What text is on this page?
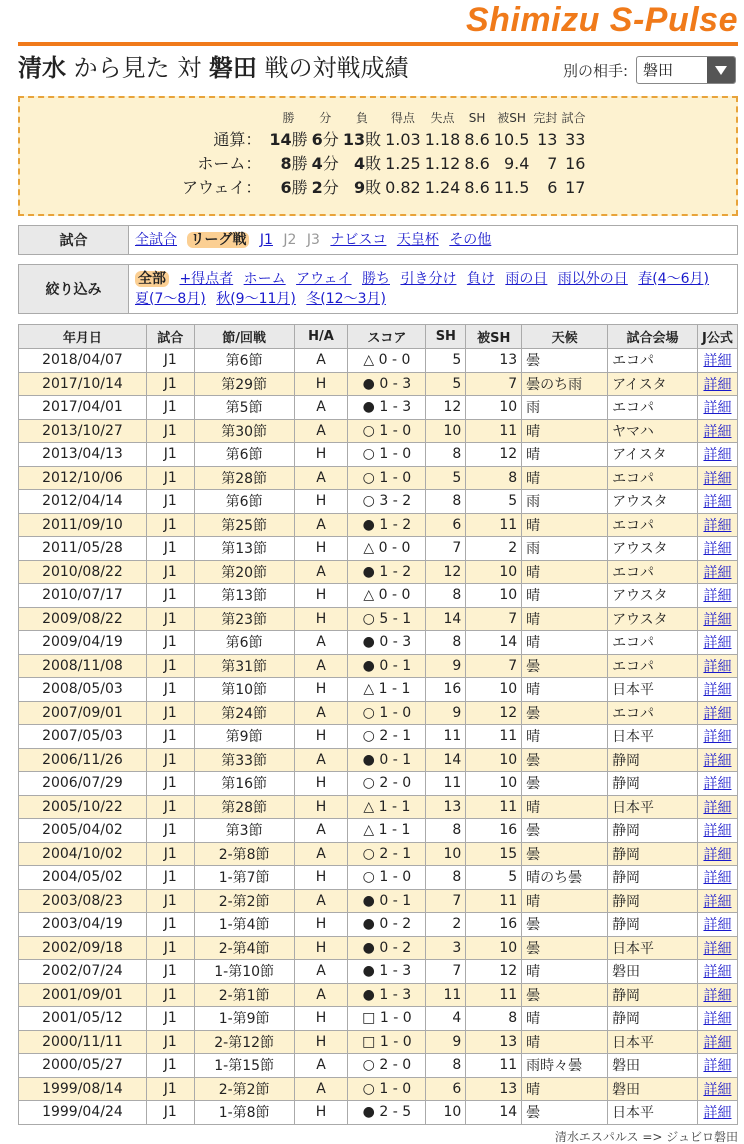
Shimizu S-Pulse
清水 から見た 対 磐田 戦の対戦成績	別の相手: 磐田
	勝	分	負	得点	失点	SH	被SH	完封	試合
通算：	14勝	6分	13敗	1.03	1.18	8.6	10.5	13	33
ホーム：	8勝	4分	4敗	1.25	1.12	8.6	9.4	7	16
アウェイ：	6勝	2分	9敗	0.82	1.24	8.6	11.5	6	17
試合	全試合 リーグ戦 J1 J2 J3 ナビスコ 天皇杯 その他
絞り込み
全部 +得点者 ホーム アウェイ 勝ち 引き分け 負け 雨の日 雨以外の日 春(4〜6月) 夏(7〜8月) 秋(9〜11月) 冬(12〜3月)
年月日	試合	節/回戦	H/A	スコア	SH	被SH	天候	試合会場	J公式
2018/04/07	J1	第6節	A	△ 0 - 0	5	13	曇	エコパ	詳細
2017/10/14	J1	第29節	H	● 0 - 3	5	7	曇のち雨	アイスタ	詳細
2017/04/01	J1	第5節	A	● 1 - 3	12	10	雨	エコパ	詳細
2013/10/27	J1	第30節	A	○ 1 - 0	10	11	晴	ヤマハ	詳細
2013/04/13	J1	第6節	H	○ 1 - 0	8	12	晴	アイスタ	詳細
2012/10/06	J1	第28節	A	○ 1 - 0	5	8	晴	エコパ	詳細
2012/04/14	J1	第6節	H	○ 3 - 2	8	5	雨	アウスタ	詳細
2011/09/10	J1	第25節	A	● 1 - 2	6	11	晴	エコパ	詳細
2011/05/28	J1	第13節	H	△ 0 - 0	7	2	雨	アウスタ	詳細
2010/08/22	J1	第20節	A	● 1 - 2	12	10	晴	エコパ	詳細
2010/07/17	J1	第13節	H	△ 0 - 0	8	10	晴	アウスタ	詳細
2009/08/22	J1	第23節	H	○ 5 - 1	14	7	晴	アウスタ	詳細
2009/04/19	J1	第6節	A	● 0 - 3	8	14	晴	エコパ	詳細
2008/11/08	J1	第31節	A	● 0 - 1	9	7	曇	エコパ	詳細
2008/05/03	J1	第10節	H	△ 1 - 1	16	10	晴	日本平	詳細
2007/09/01	J1	第24節	A	○ 1 - 0	9	12	曇	エコパ	詳細
2007/05/03	J1	第9節	H	○ 2 - 1	11	11	晴	日本平	詳細
2006/11/26	J1	第33節	A	● 0 - 1	14	10	曇	静岡	詳細
2006/07/29	J1	第16節	H	○ 2 - 0	11	10	曇	静岡	詳細
2005/10/22	J1	第28節	H	△ 1 - 1	13	11	晴	日本平	詳細
2005/04/02	J1	第3節	A	△ 1 - 1	8	16	曇	静岡	詳細
2004/10/02	J1	2-第8節	A	○ 2 - 1	10	15	曇	静岡	詳細
2004/05/02	J1	1-第7節	H	○ 1 - 0	8	5	晴のち曇	静岡	詳細
2003/08/23	J1	2-第2節	A	● 0 - 1	7	11	晴	静岡	詳細
2003/04/19	J1	1-第4節	H	● 0 - 2	2	16	曇	静岡	詳細
2002/09/18	J1	2-第4節	H	● 0 - 2	3	10	曇	日本平	詳細
2002/07/24	J1	1-第10節	A	● 1 - 3	7	12	晴	磐田	詳細
2001/09/01	J1	2-第1節	A	● 1 - 3	11	11	曇	静岡	詳細
2001/05/12	J1	1-第9節	H	□ 1 - 0	4	8	晴	静岡	詳細
2000/11/11	J1	2-第12節	H	□ 1 - 0	9	13	晴	日本平	詳細
2000/05/27	J1	1-第15節	A	○ 2 - 0	8	11	雨時々曇	磐田	詳細
1999/08/14	J1	2-第2節	A	○ 1 - 0	6	13	晴	磐田	詳細
1999/04/24	J1	1-第8節	H	● 2 - 5	10	14	曇	日本平	詳細
清水エスパルス => ジュビロ磐田
